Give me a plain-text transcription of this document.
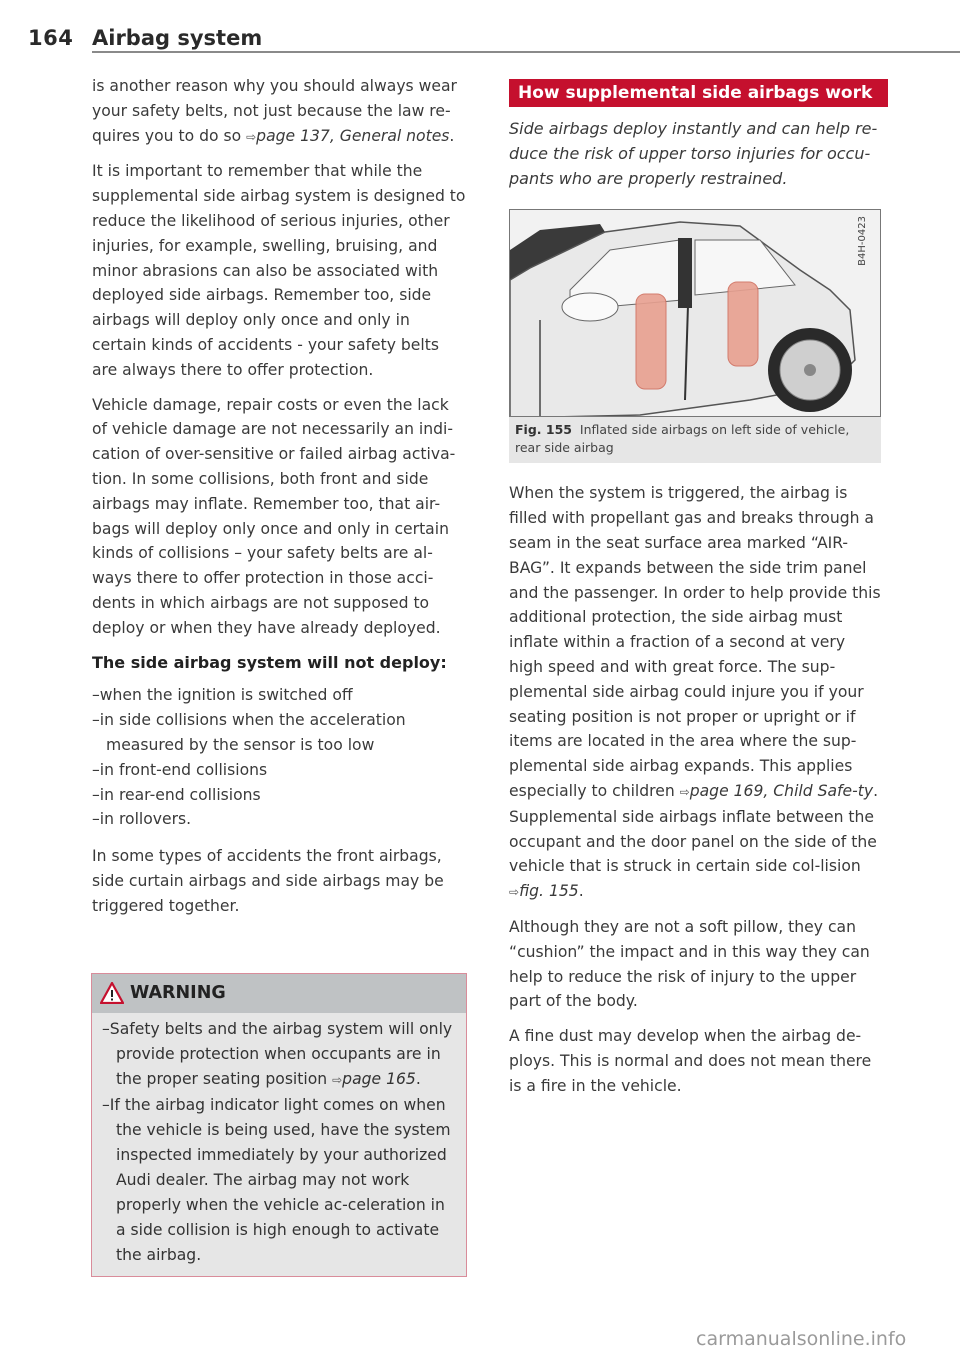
164 Airbag system

is another reason why you should always wear your safety belts, not just because the law re-quires you to do so ⇨page 137, General notes.

It is important to remember that while the supplemental side airbag system is designed to reduce the likelihood of serious injuries, other injuries, for example, swelling, bruising, and minor abrasions can also be associated with deployed side airbags. Remember too, side airbags will deploy only once and only in certain kinds of accidents - your safety belts are always there to offer protection.

Vehicle damage, repair costs or even the lack of vehicle damage are not necessarily an indi-cation of over-sensitive or failed airbag activa-tion. In some collisions, both front and side airbags may inflate. Remember too, that air-bags will deploy only once and only in certain kinds of collisions – your safety belts are al-ways there to offer protection in those acci-dents in which airbags are not supposed to deploy or when they have already deployed.

The side airbag system will not deploy:
– when the ignition is switched off
– in side collisions when the acceleration measured by the sensor is too low
– in front-end collisions
– in rear-end collisions
– in rollovers.

In some types of accidents the front airbags, side curtain airbags and side airbags may be triggered together.

WARNING
– Safety belts and the airbag system will only provide protection when occupants are in the proper seating position ⇨page 165.
– If the airbag indicator light comes on when the vehicle is being used, have the system inspected immediately by your authorized Audi dealer. The airbag may not work properly when the vehicle ac-celeration in a side collision is high enough to activate the airbag.
How supplemental side airbags work
Side airbags deploy instantly and can help re-duce the risk of upper torso injuries for occu-pants who are properly restrained.
B4H-0423
Fig. 155 Inflated side airbags on left side of vehicle, rear side airbag

When the system is triggered, the airbag is filled with propellant gas and breaks through a seam in the seat surface area marked “AIR-BAG”. It expands between the side trim panel and the passenger. In order to help provide this additional protection, the side airbag must inflate within a fraction of a second at very high speed and with great force. The sup-plemental side airbag could injure you if your seating position is not proper or upright or if items are located in the area where the sup-plemental side airbag expands. This applies especially to children ⇨page 169, Child Safe-ty. Supplemental side airbags inflate between the occupant and the door panel on the side of the vehicle that is struck in certain side col-lision ⇨fig. 155.

Although they are not a soft pillow, they can “cushion” the impact and in this way they can help to reduce the risk of injury to the upper part of the body.

A fine dust may develop when the airbag de-ploys. This is normal and does not mean there is a fire in the vehicle.

carmanualsonline.info
